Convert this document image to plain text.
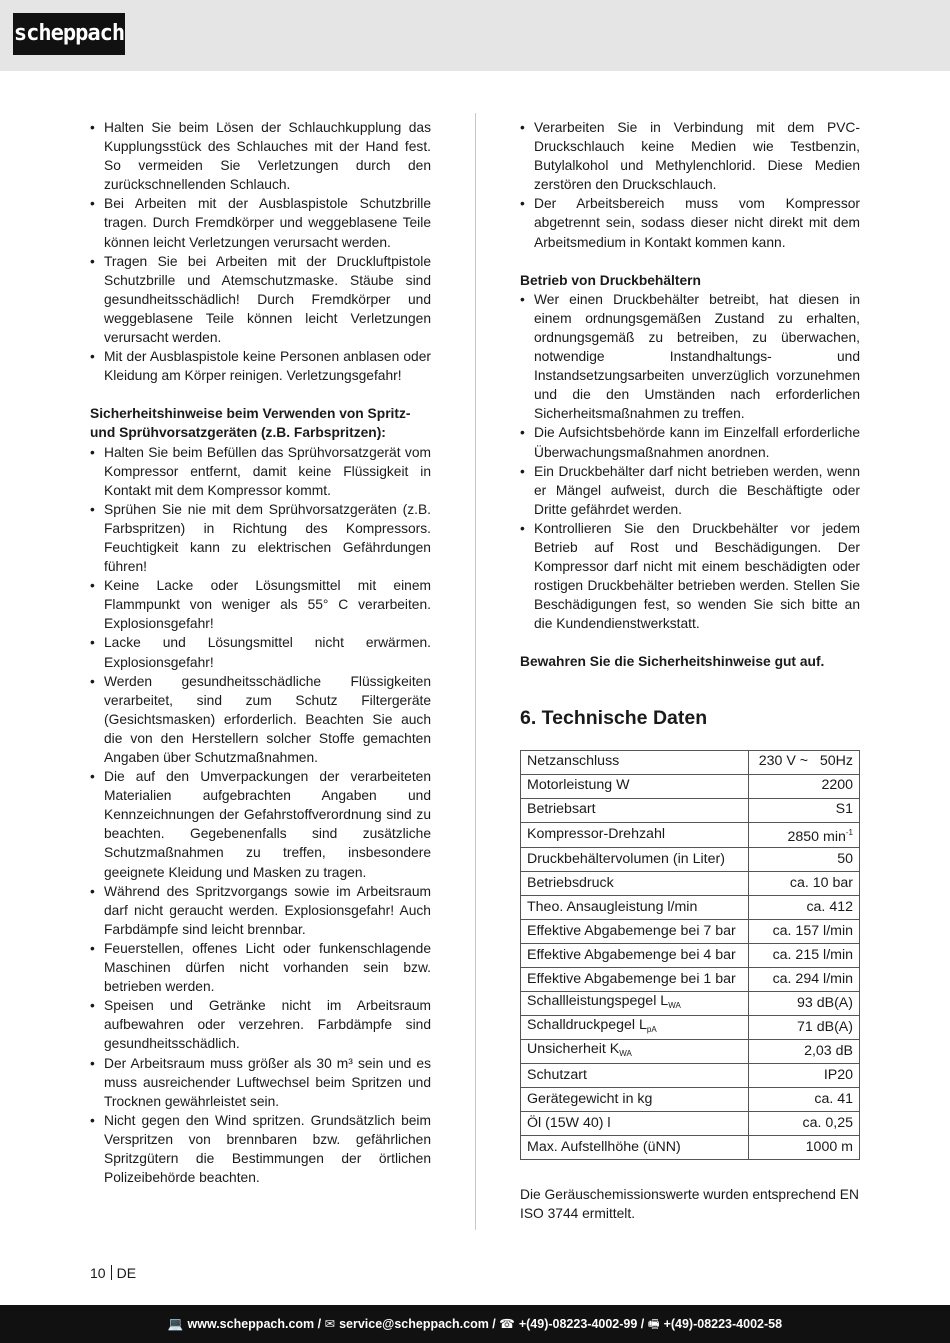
scheppach
• Halten Sie beim Lösen der Schlauchkupplung das Kupplungsstück des Schlauches mit der Hand fest. So vermeiden Sie Verletzungen durch den zurückschnellenden Schlauch.
• Bei Arbeiten mit der Ausblaspistole Schutzbrille tragen. Durch Fremdkörper und weggeblasene Teile können leicht Verletzungen verursacht werden.
• Tragen Sie bei Arbeiten mit der Druckluftpistole Schutzbrille und Atemschutzmaske. Stäube sind gesundheitsschädlich! Durch Fremdkörper und weggeblasene Teile können leicht Verletzungen verursacht werden.
• Mit der Ausblaspistole keine Personen anblasen oder Kleidung am Körper reinigen. Verletzungsgefahr!

Sicherheitshinweise beim Verwenden von Spritz- und Sprühvorsatzgeräten (z.B. Farbspritzen):

• Halten Sie beim Befüllen das Sprühvorsatzgerät vom Kompressor entfernt, damit keine Flüssigkeit in Kontakt mit dem Kompressor kommt.
• Sprühen Sie nie mit dem Sprühvorsatzgeräten (z.B. Farbspritzen) in Richtung des Kompressors. Feuchtigkeit kann zu elektrischen Gefährdungen führen!
• Keine Lacke oder Lösungsmittel mit einem Flammpunkt von weniger als 55° C verarbeiten. Explosionsgefahr!
• Lacke und Lösungsmittel nicht erwärmen. Explosionsgefahr!
• Werden gesundheitsschädliche Flüssigkeiten verarbeitet, sind zum Schutz Filtergeräte (Gesichtsmasken) erforderlich. Beachten Sie auch die von den Herstellern solcher Stoffe gemachten Angaben über Schutzmaßnahmen.
• Die auf den Umverpackungen der verarbeiteten Materialien aufgebrachten Angaben und Kennzeichnungen der Gefahrstoffverordnung sind zu beachten. Gegebenenfalls sind zusätzliche Schutzmaßnahmen zu treffen, insbesondere geeignete Kleidung und Masken zu tragen.
• Während des Spritzvorgangs sowie im Arbeitsraum darf nicht geraucht werden. Explosionsgefahr! Auch Farbdämpfe sind leicht brennbar.
• Feuerstellen, offenes Licht oder funkenschlagende Maschinen dürfen nicht vorhanden sein bzw. betrieben werden.
• Speisen und Getränke nicht im Arbeitsraum aufbewahren oder verzehren. Farbdämpfe sind gesundheitsschädlich.
• Der Arbeitsraum muss größer als 30 m³ sein und es muss ausreichender Luftwechsel beim Spritzen und Trocknen gewährleistet sein.
• Nicht gegen den Wind spritzen. Grundsätzlich beim Verspritzen von brennbaren bzw. gefährlichen Spritzgütern die Bestimmungen der örtlichen Polizeibehörde beachten.
• Verarbeiten Sie in Verbindung mit dem PVC-Druckschlauch keine Medien wie Testbenzin, Butylalkohol und Methylenchlorid. Diese Medien zerstören den Druckschlauch.
• Der Arbeitsbereich muss vom Kompressor abgetrennt sein, sodass dieser nicht direkt mit dem Arbeitsmedium in Kontakt kommen kann.

Betrieb von Druckbehältern

• Wer einen Druckbehälter betreibt, hat diesen in einem ordnungsgemäßen Zustand zu erhalten, ordnungsgemäß zu betreiben, zu überwachen, notwendige Instandhaltungs- und Instandsetzungsarbeiten unverzüglich vorzunehmen und die den Umständen nach erforderlichen Sicherheitsmaßnahmen zu treffen.
• Die Aufsichtsbehörde kann im Einzelfall erforderliche Überwachungsmaßnahmen anordnen.
• Ein Druckbehälter darf nicht betrieben werden, wenn er Mängel aufweist, durch die Beschäftigte oder Dritte gefährdet werden.
• Kontrollieren Sie den Druckbehälter vor jedem Betrieb auf Rost und Beschädigungen. Der Kompressor darf nicht mit einem beschädigten oder rostigen Druckbehälter betrieben werden. Stellen Sie Beschädigungen fest, so wenden Sie sich bitte an die Kundendienstwerkstatt.

Bewahren Sie die Sicherheitshinweise gut auf.

6. Technische Daten
Netzanschluss	230 V ~   50Hz
Motorleistung W	2200
Betriebsart	S1
Kompressor-Drehzahl	2850 $\min^{-1}$
Druckbehältervolumen (in Liter)	50
Betriebsdruck	ca. 10 bar
Theo. Ansaugleistung l/min	ca. 412
Effektive Abgabemenge bei 7 bar	ca. 157 l/min
Effektive Abgabemenge bei 4 bar	ca. 215 l/min
Effektive Abgabemenge bei 1 bar	ca. 294 l/min
Schallleistungspegel $L_{WA}$	93 dB(A)
Schalldruckpegel $L_{pA}$	71 dB(A)
Unsicherheit $K_{WA}$	2,03 dB
Schutzart	IP20
Gerätegewicht in kg	ca. 41
Öl (15W 40) l	ca. 0,25
Max. Aufstellhöhe (üNN)	1000 m

Die Geräuschemissionswerte wurden entsprechend EN ISO 3744 ermittelt.

10 DE
💻 www.scheppach.com / ✉ service@scheppach.com / ☎ +(49)-08223-4002-99 / 🖷 +(49)-08223-4002-58
